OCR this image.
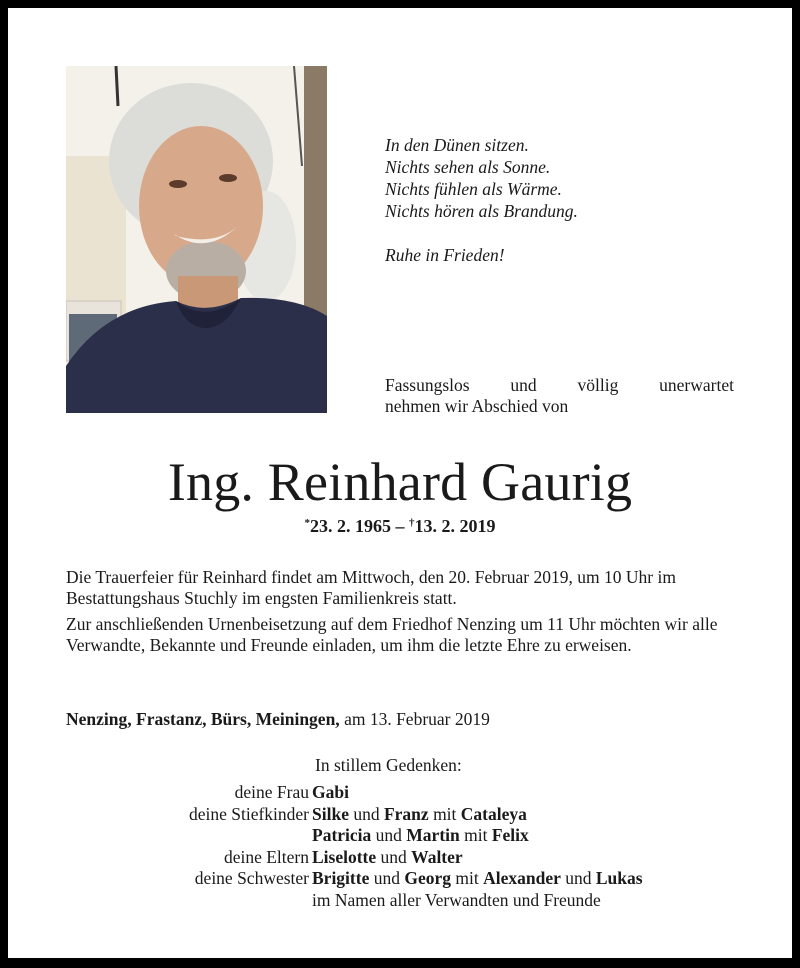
In den Dünen sitzen.
Nichts sehen als Sonne.
Nichts fühlen als Wärme.
Nichts hören als Brandung.
Ruhe in Frieden!
Fassungslos und völlig unerwartet
nehmen wir Abschied von
Ing. Reinhard Gaurig
*23. 2. 1965 – †13. 2. 2019

Die Trauerfeier für Reinhard findet am Mittwoch, den 20. Februar 2019, um 10 Uhr im Bestattungshaus Stuchly im engsten Familienkreis statt.

Zur anschließenden Urnenbeisetzung auf dem Friedhof Nenzing um 11 Uhr möchten wir alle Verwandte, Bekannte und Freunde einladen, um ihm die letzte Ehre zu erweisen.

Nenzing, Frastanz, Bürs, Meiningen, am 13. Februar 2019
In stillem Gedenken:
deine Frau Gabi
deine Stiefkinder Silke und Franz mit Cataleya
Patricia und Martin mit Felix
deine Eltern Liselotte und Walter
deine Schwester Brigitte und Georg mit Alexander und Lukas
im Namen aller Verwandten und Freunde
